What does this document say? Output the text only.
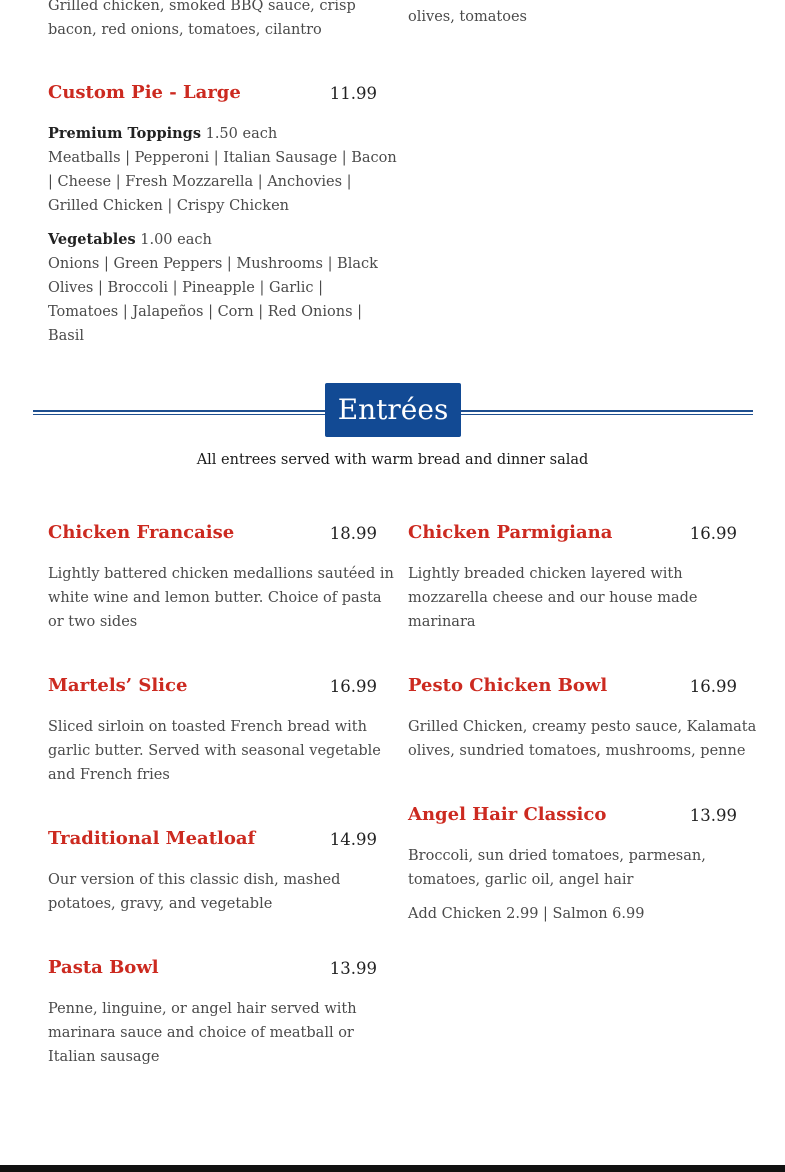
Grilled chicken, smoked BBQ sauce, crisp
bacon, red onions, tomatoes, cilantro
olives, tomatoes
Custom Pie - Large	11.99
Premium Toppings 1.50 each
Meatballs | Pepperoni | Italian Sausage | Bacon
| Cheese | Fresh Mozzarella | Anchovies |
Grilled Chicken | Crispy Chicken
Vegetables 1.00 each
Onions | Green Peppers | Mushrooms | Black
Olives | Broccoli | Pineapple | Garlic |
Tomatoes | Jalapeños | Corn | Red Onions |
Basil
Entrées
All entrees served with warm bread and dinner salad
Chicken Francaise	18.99
Lightly battered chicken medallions sautéed in
white wine and lemon butter. Choice of pasta
or two sides
Martels’ Slice	16.99
Sliced sirloin on toasted French bread with
garlic butter. Served with seasonal vegetable
and French fries
Traditional Meatloaf	14.99
Our version of this classic dish, mashed
potatoes, gravy, and vegetable
Pasta Bowl	13.99
Penne, linguine, or angel hair served with
marinara sauce and choice of meatball or
Italian sausage
Chicken Parmigiana	16.99
Lightly breaded chicken layered with
mozzarella cheese and our house made
marinara
Pesto Chicken Bowl	16.99
Grilled Chicken, creamy pesto sauce, Kalamata
olives, sundried tomatoes, mushrooms, penne
Angel Hair Classico	13.99
Broccoli, sun dried tomatoes, parmesan,
tomatoes, garlic oil, angel hair
Add Chicken 2.99 | Salmon 6.99
